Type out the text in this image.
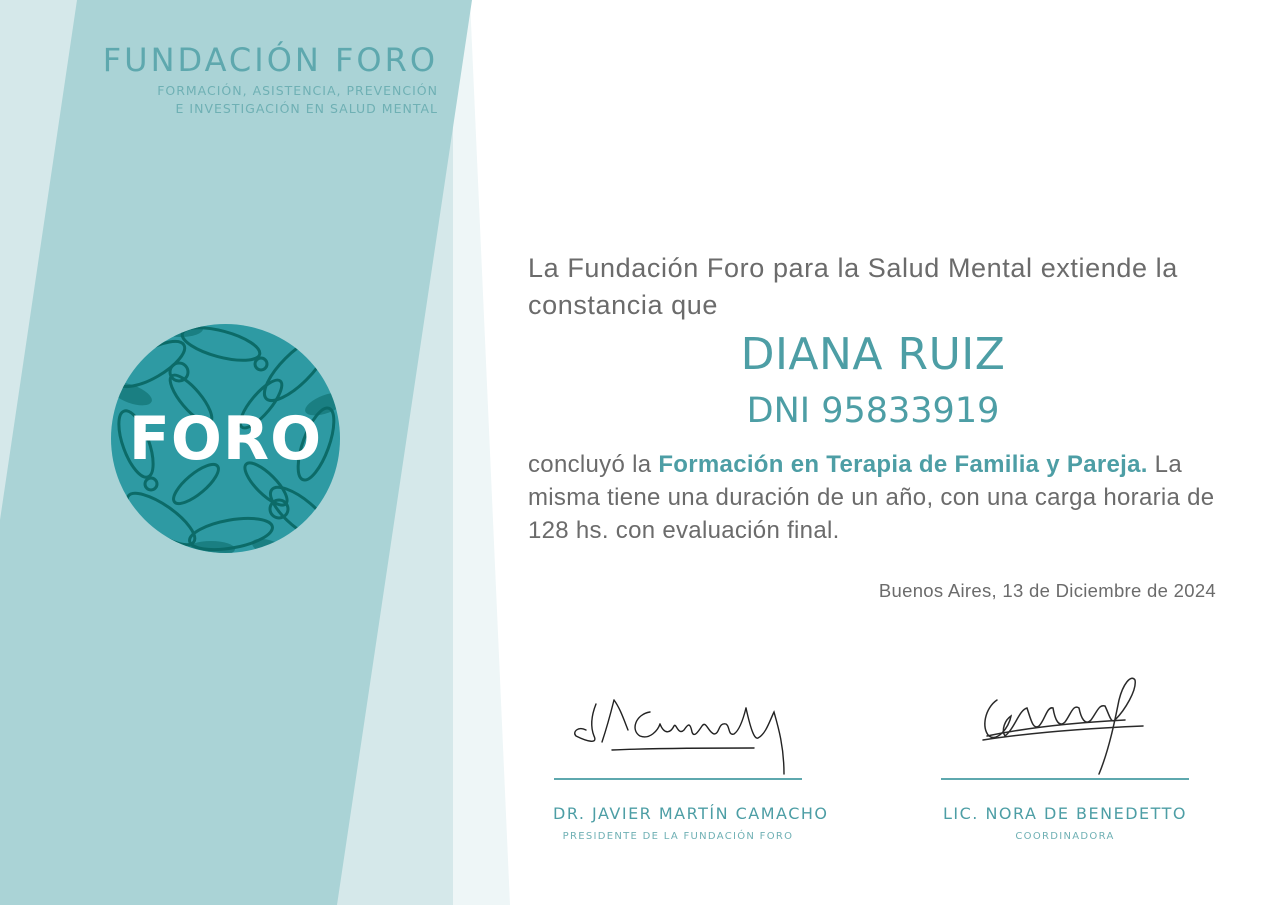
FUNDACIÓN FORO
FORMACIÓN, ASISTENCIA, PREVENCIÓN
E INVESTIGACIÓN EN SALUD MENTAL
FORO
La Fundación Foro para la Salud Mental extiende la constancia que
DIANA RUIZ
DNI 95833919
concluyó la Formación en Terapia de Familia y Pareja. La misma tiene una duración de un año, con una carga horaria de 128 hs. con evaluación final.
Buenos Aires, 13 de Diciembre de 2024
DR. JAVIER MARTÍN CAMACHO
PRESIDENTE DE LA FUNDACIÓN FORO
LIC. NORA DE BENEDETTO
COORDINADORA
